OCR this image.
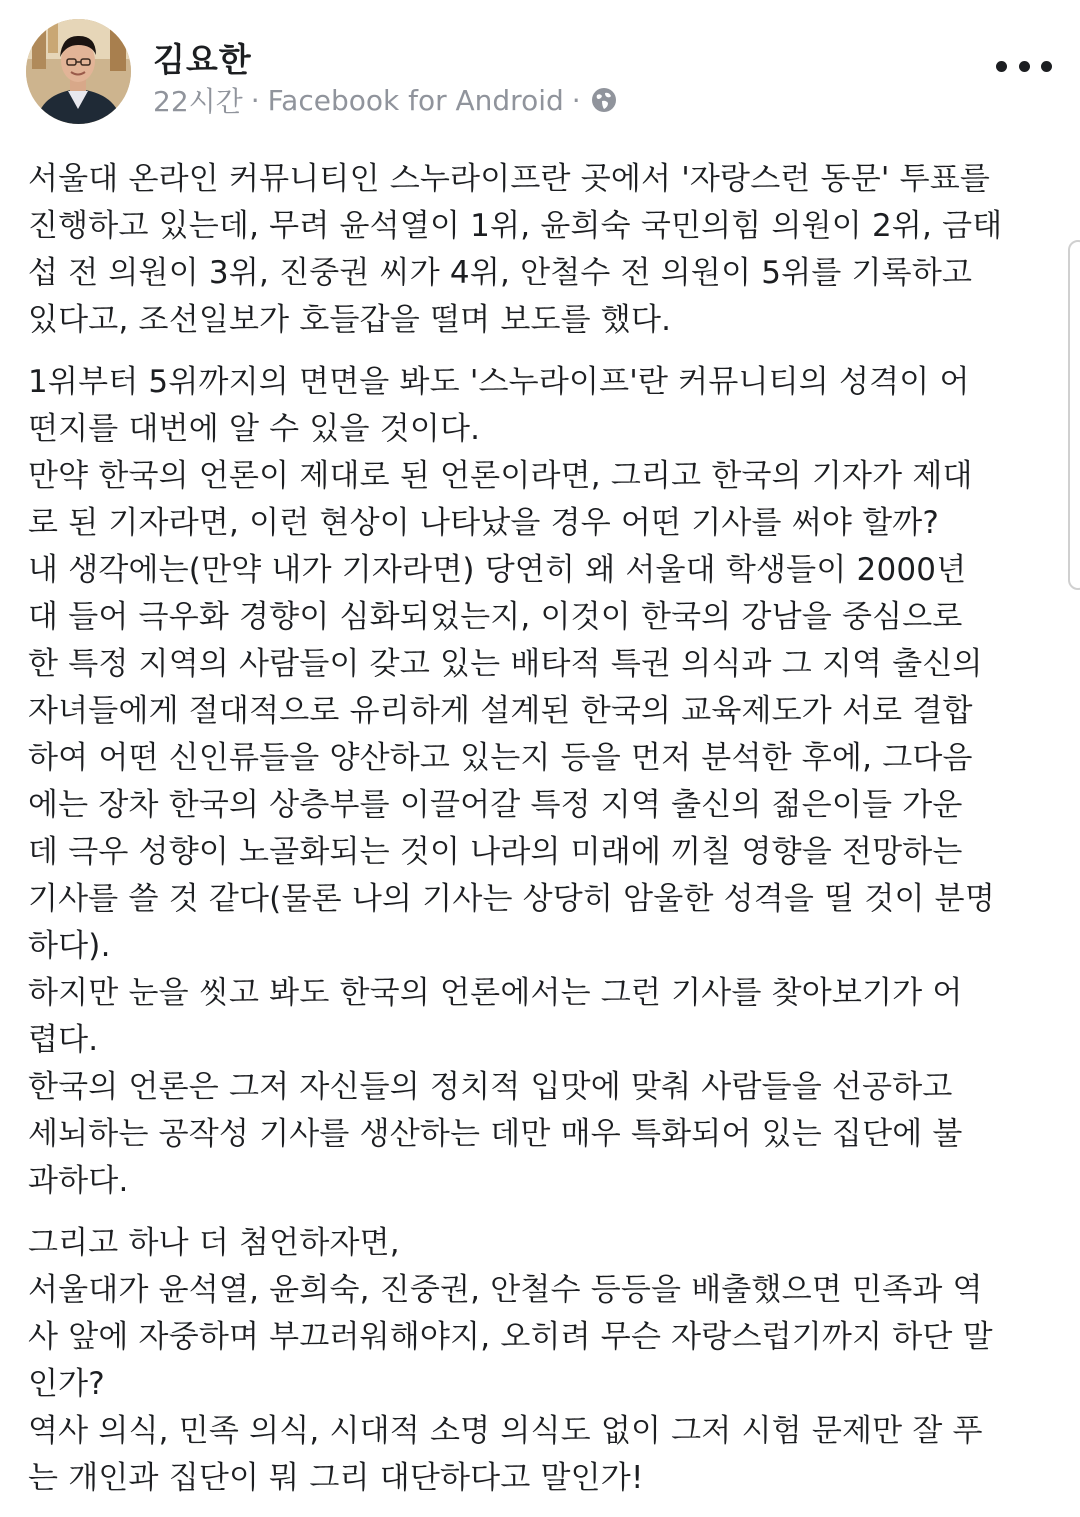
김요한
22시간 · Facebook for Android ·

서울대 온라인 커뮤니티인 스누라이프란 곳에서 '자랑스런 동문' 투표를

진행하고 있는데, 무려 윤석열이 1위, 윤희숙 국민의힘 의원이 2위, 금태

섭 전 의원이 3위, 진중권 씨가 4위, 안철수 전 의원이 5위를 기록하고

있다고, 조선일보가 호들갑을 떨며 보도를 했다.

1위부터 5위까지의 면면을 봐도 '스누라이프'란 커뮤니티의 성격이 어

떤지를 대번에 알 수 있을 것이다.

만약 한국의 언론이 제대로 된 언론이라면, 그리고 한국의 기자가 제대

로 된 기자라면, 이런 현상이 나타났을 경우 어떤 기사를 써야 할까?

내 생각에는(만약 내가 기자라면) 당연히 왜 서울대 학생들이 2000년

대 들어 극우화 경향이 심화되었는지, 이것이 한국의 강남을 중심으로

한 특정 지역의 사람들이 갖고 있는 배타적 특권 의식과 그 지역 출신의

자녀들에게 절대적으로 유리하게 설계된 한국의 교육제도가 서로 결합

하여 어떤 신인류들을 양산하고 있는지 등을 먼저 분석한 후에, 그다음

에는 장차 한국의 상층부를 이끌어갈 특정 지역 출신의 젊은이들 가운

데 극우 성향이 노골화되는 것이 나라의 미래에 끼칠 영향을 전망하는

기사를 쓸 것 같다(물론 나의 기사는 상당히 암울한 성격을 띨 것이 분명

하다).

하지만 눈을 씻고 봐도 한국의 언론에서는 그런 기사를 찾아보기가 어

렵다.

한국의 언론은 그저 자신들의 정치적 입맛에 맞춰 사람들을 선공하고

세뇌하는 공작성 기사를 생산하는 데만 매우 특화되어 있는 집단에 불

과하다.

그리고 하나 더 첨언하자면,

서울대가 윤석열, 윤희숙, 진중권, 안철수 등등을 배출했으면 민족과 역

사 앞에 자중하며 부끄러워해야지, 오히려 무슨 자랑스럽기까지 하단 말

인가?

역사 의식, 민족 의식, 시대적 소명 의식도 없이 그저 시험 문제만 잘 푸

는 개인과 집단이 뭐 그리 대단하다고 말인가!
